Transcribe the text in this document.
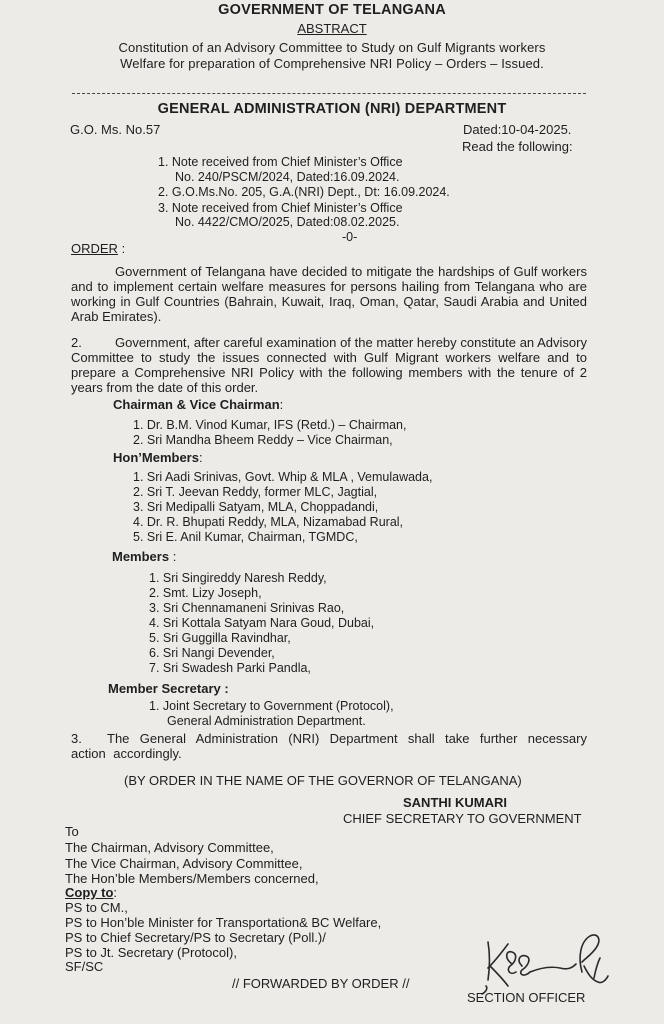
GOVERNMENT OF TELANGANA
ABSTRACT
Constitution of an Advisory Committee to Study on Gulf Migrants workers
Welfare for preparation of Comprehensive NRI Policy – Orders – Issued.
GENERAL ADMINISTRATION (NRI) DEPARTMENT
G.O. Ms. No.57	Dated:10-04-2025.
Read the following:
1. Note received from Chief Minister’s Office
No. 240/PSCM/2024, Dated:16.09.2024.
2. G.O.Ms.No. 205, G.A.(NRI) Dept., Dt: 16.09.2024.
3. Note received from Chief Minister’s Office
No. 4422/CMO/2025, Dated:08.02.2025.
-0-
ORDER :
Government of Telangana have decided to mitigate the hardships of Gulf workers and to implement certain welfare measures for persons hailing from Telangana who are working in Gulf Countries (Bahrain, Kuwait, Iraq, Oman, Qatar, Saudi Arabia and United Arab Emirates).
2.	Government, after careful examination of the matter hereby constitute an Advisory Committee to study the issues connected with Gulf Migrant workers welfare and to prepare a Comprehensive NRI Policy with the following members with the tenure of 2 years from the date of this order.
Chairman & Vice Chairman:
1. Dr. B.M. Vinod Kumar, IFS (Retd.) – Chairman,
2. Sri Mandha Bheem Reddy – Vice Chairman,
Hon’Members:
1. Sri Aadi Srinivas, Govt. Whip & MLA , Vemulawada,
2. Sri T. Jeevan Reddy, former MLC, Jagtial,
3. Sri Medipalli Satyam, MLA, Choppadandi,
4. Dr. R. Bhupati Reddy, MLA, Nizamabad Rural,
5. Sri E. Anil Kumar, Chairman, TGMDC,
Members :
1. Sri Singireddy Naresh Reddy,
2. Smt. Lizy Joseph,
3. Sri Chennamaneni Srinivas Rao,
4. Sri Kottala Satyam Nara Goud, Dubai,
5. Sri Guggilla Ravindhar,
6. Sri Nangi Devender,
7. Sri Swadesh Parki Pandla,
Member Secretary :
1. Joint Secretary to Government (Protocol),
General Administration Department.
3.	The General Administration (NRI) Department shall take further necessary action accordingly.
(BY ORDER IN THE NAME OF THE GOVERNOR OF TELANGANA)
SANTHI KUMARI
CHIEF SECRETARY TO GOVERNMENT
To
The Chairman, Advisory Committee,
The Vice Chairman, Advisory Committee,
The Hon’ble Members/Members concerned,
Copy to:
PS to CM.,
PS to Hon’ble Minister for Transportation& BC Welfare,
PS to Chief Secretary/PS to Secretary (Poll.)/
PS to Jt. Secretary (Protocol),
SF/SC
// FORWARDED BY ORDER //
SECTION OFFICER
